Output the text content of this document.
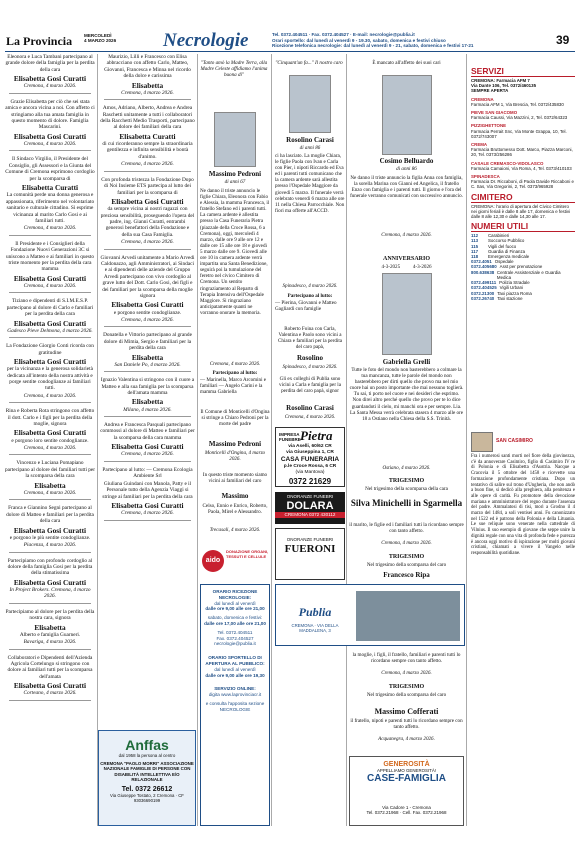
La Provincia	MERCOLEDÌ
4 MARZO 2026 Necrologie	Tel. 0372.404511 · Fax. 0372.404527 · E-mail: necrologie@publia.it
Orari sportello: dal lunedì al venerdì 9 - 19.30, sabato, domenica e festivi chiuso
Ricezione telefonica necrologie: dal lunedì al venerdì 9 - 21, sabato, domenica e festivi 17-21	39

Eleonora e Luca Tambani partecipano al grande dolore della famiglia per la perdita della cara

Elisabetta Gosi Curatti
Cremona, 4 marzo 2026.

Grazie Elisabetta per ciò che sei stata amica e ancora vicina a noi. Con affetto ci stringiamo alla tua amata famiglia in questo momento di dolore. Famiglia Mascarini.

Elisabetta Gosi Curatti
Cremona, 4 marzo 2026.

Il Sindaco Virgilio, il Presidente del Consiglio, gli Assessori e la Giunta del Comune di Cremona esprimono cordoglio per la scomparsa di

Elisabetta Curatti

La comunità perde una donna generosa e appassionata, riferimento nel volontariato sanitario e culturale cittadino. Si esprime vicinanza al marito Carlo Gosi e ai familiari tutti.

Cremona, 4 marzo 2026.

Il Presidente e i Consiglieri della Fondazione Nuovi Generazioni 3C si uniscono a Matteo e ai familiari in questo triste momento per la perdita della cara mamma

Elisabetta Gosi Curatti
Cremona, 4 marzo 2026.

Tiziano e dipendenti di S.I.M.E.S.P. partecipano al dolore di Carlo e familiari per la perdita della cara

Elisabetta Gosi Curatti
Gadesco Pieve Delmona, 4 marzo 2026.

La Fondazione Giorgio Conti ricorda con gratitudine

Elisabetta Gosi Curatti

per la vicinanza e la generosa solidarietà dedicata all'intento della nostra attività e porge sentite condoglianze ai familiari tutti.

Cremona, 4 marzo 2026.

Rina e Roberta Rota stringono con affetto il dott. Carlo e i figli per la perdita della moglie, signora

Elisabetta Gosi Curatti

e porgono loro sentite condoglianze.

Cremona, 4 marzo 2026.

Vincenzo e Luciana Pomapiano partecipano al dolore dei familiari tutti per la scomparsa della cara

Elisabetta
Cremona, 4 marzo 2026.

Franca e Giannino Segni partecipano al dolore di Matteo e familiari per la perdita della cara

Elisabetta Gosi Curatti

e porgono le più sentite condoglianze.

Piacenza, 4 marzo 2026.

Partecipiamo con profondo cordoglio al dolore della famiglia Gosi per la perdita della stimatissima

Elisabetta Gosi Curatti
In Project Brokers. Cremona, 4 marzo 2026.

Partecipiamo al dolore per la perdita della nostra cara, signora

Elisabetta

Alberto e famiglia Guarneri.

Bavariga, 4 marzo 2026.

Collaboratori e Dipendenti dell'Azienda Agricola Cortelungo si stringono con dolore ai familiari tutti per la scomparsa dell'amata

Elisabetta Gosi Curatti
Corteano, 4 marzo 2026.

Maurizio, Lilli e Francesco con Elisa abbracciano con affetto Carlo, Matteo, Giovanni, Francesca e Minna nel ricordo della dolce e carissima

Elisabetta
Cremona, 4 marzo 2026.

Amos, Adriano, Alberto, Andrea e Andrea Raschetti unitamente a tutti i collaboratori della Racchetti Medio Trasporti, partecipano al dolore dei familiari della cara

Elisabetta Curatti

di cui ricorderanno sempre la straordinaria gentilezza e infinita sensibilità e bontà d'animo.

Cremona, 4 marzo 2026.

Con profonda tristezza la Fondazione Dopo di Noi Insieme ETS partecipa al lutto dei familiari per la scomparsa di

Elisabetta Gosi Curatti

da sempre vicina ai nostri ragazzi con preziosa sensibilità, proseguendo l'opera del padre, ing. Gianni Curatti, entrambi generosi benefattori della Fondazione e della sua Casa Famiglia.

Cremona, 4 marzo 2026.

Giovanni Arvedi unitamente a Mario Arvedi Caldonazzo, agli Amministratori, ai Sindaci e ai dipendenti delle aziende del Gruppo Arvedi partecipano con vivo cordoglio al grave lutto del Dott. Carlo Gosi, dei figli e dei familiari per la scomparsa della moglie signora

Elisabetta Gosi Curatti

e porgono sentite condoglianze.

Cremona, 4 marzo 2026.

Donatella e Vittorio partecipano al grande dolore di Mimia, Sergio e familiari per la perdita della cara

Elisabetta
San Daniele Po, 4 marzo 2026.

Ignazio Valentina si stringono con il cuore a Matteo e alla sua famiglia per la scomparsa dell'amata mamma

Elisabetta
Milano, 4 marzo 2026.

Andrea e Francesca Pasquali partecipano commossi al dolore di Matteo e familiari per la scomparsa della cara mamma

Elisabetta Gosi Curatti
Cremona, 4 marzo 2026.

Partecipano al lutto: — Cremona Ecologia Ambiente Srl

Giuliana Guindani con Manola, Patty e il Personale tutto della Agenzia Viaggi si stringe ai familiari per la perdita della cara

Elisabetta Gosi Curatti
Cremona, 4 marzo 2026.
"Tanto amò la Madre Terra, alla Madre Celeste affidiamo l'anima buona di"
Massimo Pedroni
di anni 67
Ne danno il triste annuncio le figlie Chiara, Eleonora con Fabio e Alessia, la mamma Francesca, il fratello Stefano ed i parenti tutti. La camera ardente è allestita presso la Casa Funeraria Pietra (piazzale della Croce Rossa, 6 a Cremona), oggi, mercoledì 4 marzo, dalle ore 9 alle ore 12 e dalle ore 15 alle ore 18 e giovedì 5 marzo dalle ore 9. Giovedì alle ore 10 in camera ardente verrà impartita una Santa Benedizione, seguirà poi la tumulazione del feretro nel civico Cimitero di Cremona. Un sentito ringraziamento al Reparto di Terapia Intensiva dell'Ospedale Maggiore. Si ringraziano anticipatamente quanti ne vorranno onorare la memoria.
Cremona, 4 marzo 2026.
Partecipano al lutto:
— Marinella, Marco Arcomini e familiari — Angelo Carini e la mamma Gabriella
Il Comune di Monticelli d'Ongina si stringe a Chiaro Pedroni per la morte del padre
Massimo Pedroni
Monticelli d'Ongina, 4 marzo 2026.
In questo triste momento siamo vicini ai familiari del caro
Massimo
Celso, Ennio e Enrico, Roberto, Paola, Mirel e Alessandro.
Trecasali, 4 marzo 2026.
aido
DONAZIONE ORGANI, TESSUTI E CELLULE
ORARIO RICEZIONE NECROLOGIE:
dal lunedì al venerdì
dalle ore 9,00 alle ore 21,00
sabato, domenica e festivi:
dalle ore 17,00 alle ore 21,00
Tel. 0372.404511
Fax. 0372.404527
necrologie@publia.it
ORARIO SPORTELLO DI APERTURA AL PUBBLICO:
dal lunedì al venerdì
dalle ore 9,00 alle ore 19,30
SERVIZIO ONLINE:
digita www.laprovinciacr.it
e consulta l'apposita sezione NECROLOGIE
"Cinquant'un fa..." Il nostro caro
Rosolino Carasi
di anni 86
ci ha lasciato. La moglie Chiara, le figlie Paola con Ivan e Carla con Pier, i nipoti Riccardo ed Eva ed i parenti tutti comunicano che la camera ardente sarà allestita presso l'Ospedale Maggiore da giovedì 5 marzo. Il funerale verrà celebrato venerdì 6 marzo alle ore 11 nella Chiesa Parrocchiale. Non fiori ma offerte all'ACCD.
Spinadesco, 4 marzo 2026.
Partecipano al lutto:
— Pierina, Giovanni e Matteo Gagliardi con famiglie
Roberto Foina con Carla, Valentina e Paolo sono vicini a Chiara e familiari per la perdita del caro papà,
Rosolino
Spinadesco, 4 marzo 2026.
Gli ex colleghi di Publia sono vicini a Carla e famiglia per la perdita del caro papà, signor
Rosolino Carasi
Cremona, 4 marzo 2026.
IMPRESA FUNEBRE Pietra
via Aselli, 60/62 CR
via Giuseppina 1, CR
CASA FUNERARIA
p.le Croce Rossa, 6 CR
(via Mantova)
0372 21629
ONORANZE FUNEBRI
DOLARA
CREMONA 0372 430112
ONORANZE FUNEBRI
FUERONI
Publia
CREMONA · VIA DELLA MADDALENA, 3
È mancato all'affetto dei suoi cari
Cosimo Belluardo
di anni 86
Ne danno il triste annuncio la figlia Anna con famiglia, la sorella Marina con Gianni ed Angelica, il fratello Enzo con famiglia e i parenti tutti. Il giorno e l'ora del funerale verranno comunicati con successivo annuncio.
Cremona, 4 marzo 2026.
ANNIVERSARIO
4-3-2025          4-3-2026
Gabriella Grelli
Tutte le foto del mondo non basterebbero a colmare la tua mancanza, tutte le parole del mondo non basterebbero per dirti quello che provo ma nel mio cuore hai un posto importante che mai nessuno toglierà. Tu sai, ti porto nel cuore e nei desideri che esprimo. Non direi altro perché quello che provo per te lo dice guardandoti il cielo, mi manchi ora e per sempre. Lia. La Santa Messa verrà celebrata stasera 4 marzo alle ore 18 a Ostiano nella Chiesa della S.S. Trinità.
Ostiano, 4 marzo 2026.
TRIGESIMO
Nel trigesimo della scomparsa della cara
Silva Minichelli in Sgarmella
il marito, le figlie ed i familiari tutti la ricordano sempre con tanto affetto.
Cremona, 4 marzo 2026.
TRIGESIMO
Nel trigesimo della scomparsa del caro
Francesco Ripa
la moglie, i figli, il fratello, familiari e parenti tutti lo ricordano sempre con tanto affetto.
Cremona, 4 marzo 2026.
TRIGESIMO
Nel trigesimo della scomparsa del caro
Massimo Cofferati
il fratello, nipoti e parenti tutti lo ricordano sempre con tanto affetto.
Acquanegra, 4 marzo 2026.
GENEROSITÀ
APPELLIAMO GENEROSITÀ!
CASE-FAMIGLIA
Via Cadore 1 - Cremona
Tel. 0372.21968 · Cell. Fax. 0372.21968
Anffas
dal 1958 la persona al centro
CREMONA "PAOLO MORRI" ASSOCIAZIONE NAZIONALE FAMIGLIE DI PERSONE CON DISABILITÀ INTELLETTIVA E/O RELAZIONALE
Tel. 0372 26612
Via Giuseppe Tostato, 2 Cremona · CF 93036690199
SERVIZI
CREMONA: Farmacia AFM 7
Via Dante 106, Tel. 0372/460135
SEMPRE APERTA
CREMONA
Farmacia AFM 1, Via Brescia, Tel. 0372/435830
PIEVE SAN GIACOMO
Farmacia Caussi, Via Mazzini, 2, Tel. 0372/64323
PIZZIGHETTONE
Farmacia Perrait Snc, Via Monte Grappa, 10, Tel. 0372/743007
CREMA
Farmacia Bruttomesso Dott. Marco, Piazza Marconi, 20, Tel. 0373/256286
CASALE CREMASCO-VIDOLASCO
Farmacia Camaioni, Via Roma, 4, Tel. 0373/410103
SPINADESCA
Farmacia Dr. Riccaboni, di Paola Davide Riccaboni e C. Sas, Via Gregorini, 2, Tel. 0373/965928
CIMITERO
CREMONA: l'orario di apertura del Civico Cimitero nei giorni feriali è dalle 8 alle 17, domenica e festivi dalle 8 alle 12,30 e dalle 14,30 alle 17.
NUMERI UTILI
112	Carabinieri
113	Soccorso Pubblico
115	Vigili del fuoco
117	Guardia di Finanza
118	Emergenza medicale
0372.4051 Ospedale
0372.405680 Asst per prenotazione
800.638638 Centrale Assistenziale e Guardia Medica
0372.499111 Polizia Stradale
0372.404525 Vigili Urbani
0372.21300 Taxi piazza Roma
0372.26740 Taxi stazione
SAN CASIMIRO
Fra i numerosi santi morti nel fiore della giovinezza, c'è da annoverare Casimiro, figlio di Casimiro IV re di Polonia e di Elisabetta d'Austria. Nacque a Cracovia il 5 ottobre del 1458 e ricevette una formazione profondamente cristiana. Dopo un tentativo di salire sul trono d'Ungheria, che non andò a buon fine, si dedicò alla preghiera, alla penitenza e alle opere di carità. Fu promotore della devozione mariana e amministratore del regno durante l'assenza del padre. Ammalatosi di tisi, morì a Grodno il 4 marzo del 1484, a soli ventisei anni. Fu canonizzato nel 1522 ed è patrono della Polonia e della Lituania. Le sue reliquie sono venerate nella cattedrale di Vilnius. Il suo esempio di giovane che seppe unire la dignità regale con una vita di profonda fede e purezza è ancora oggi motivo di ispirazione per molti giovani cristiani, chiamati a vivere il Vangelo nelle responsabilità quotidiane.
